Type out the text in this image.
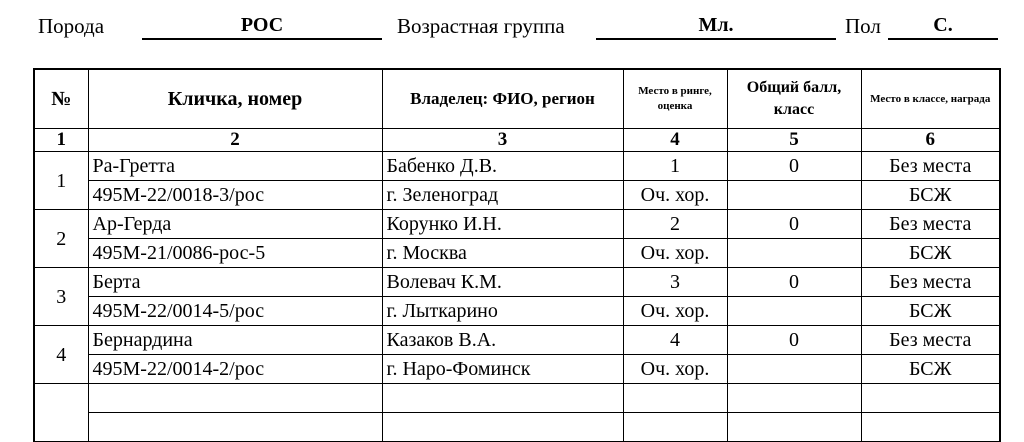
Порода	РОС	Возрастная группа	Мл.	Пол	С.
№	Кличка, номер	Владелец: ФИО, регион	Место в ринге, оценка	Общий балл, класс	Место в классе, награда
1	2	3	4	5	6
1	Ра-Гретта	Бабенко Д.В.	1	0	Без места
	495М-22/0018-3/рос	г. Зеленоград	Оч. хор.		БСЖ
2	Ар-Герда	Корунко И.Н.	2	0	Без места
	495М-21/0086-рос-5	г. Москва	Оч. хор.		БСЖ
3	Берта	Волевач К.М.	3	0	Без места
	495М-22/0014-5/рос	г. Лыткарино	Оч. хор.		БСЖ
4	Бернардина	Казаков В.А.	4	0	Без места
	495М-22/0014-2/рос	г. Наро-Фоминск	Оч. хор.		БСЖ
